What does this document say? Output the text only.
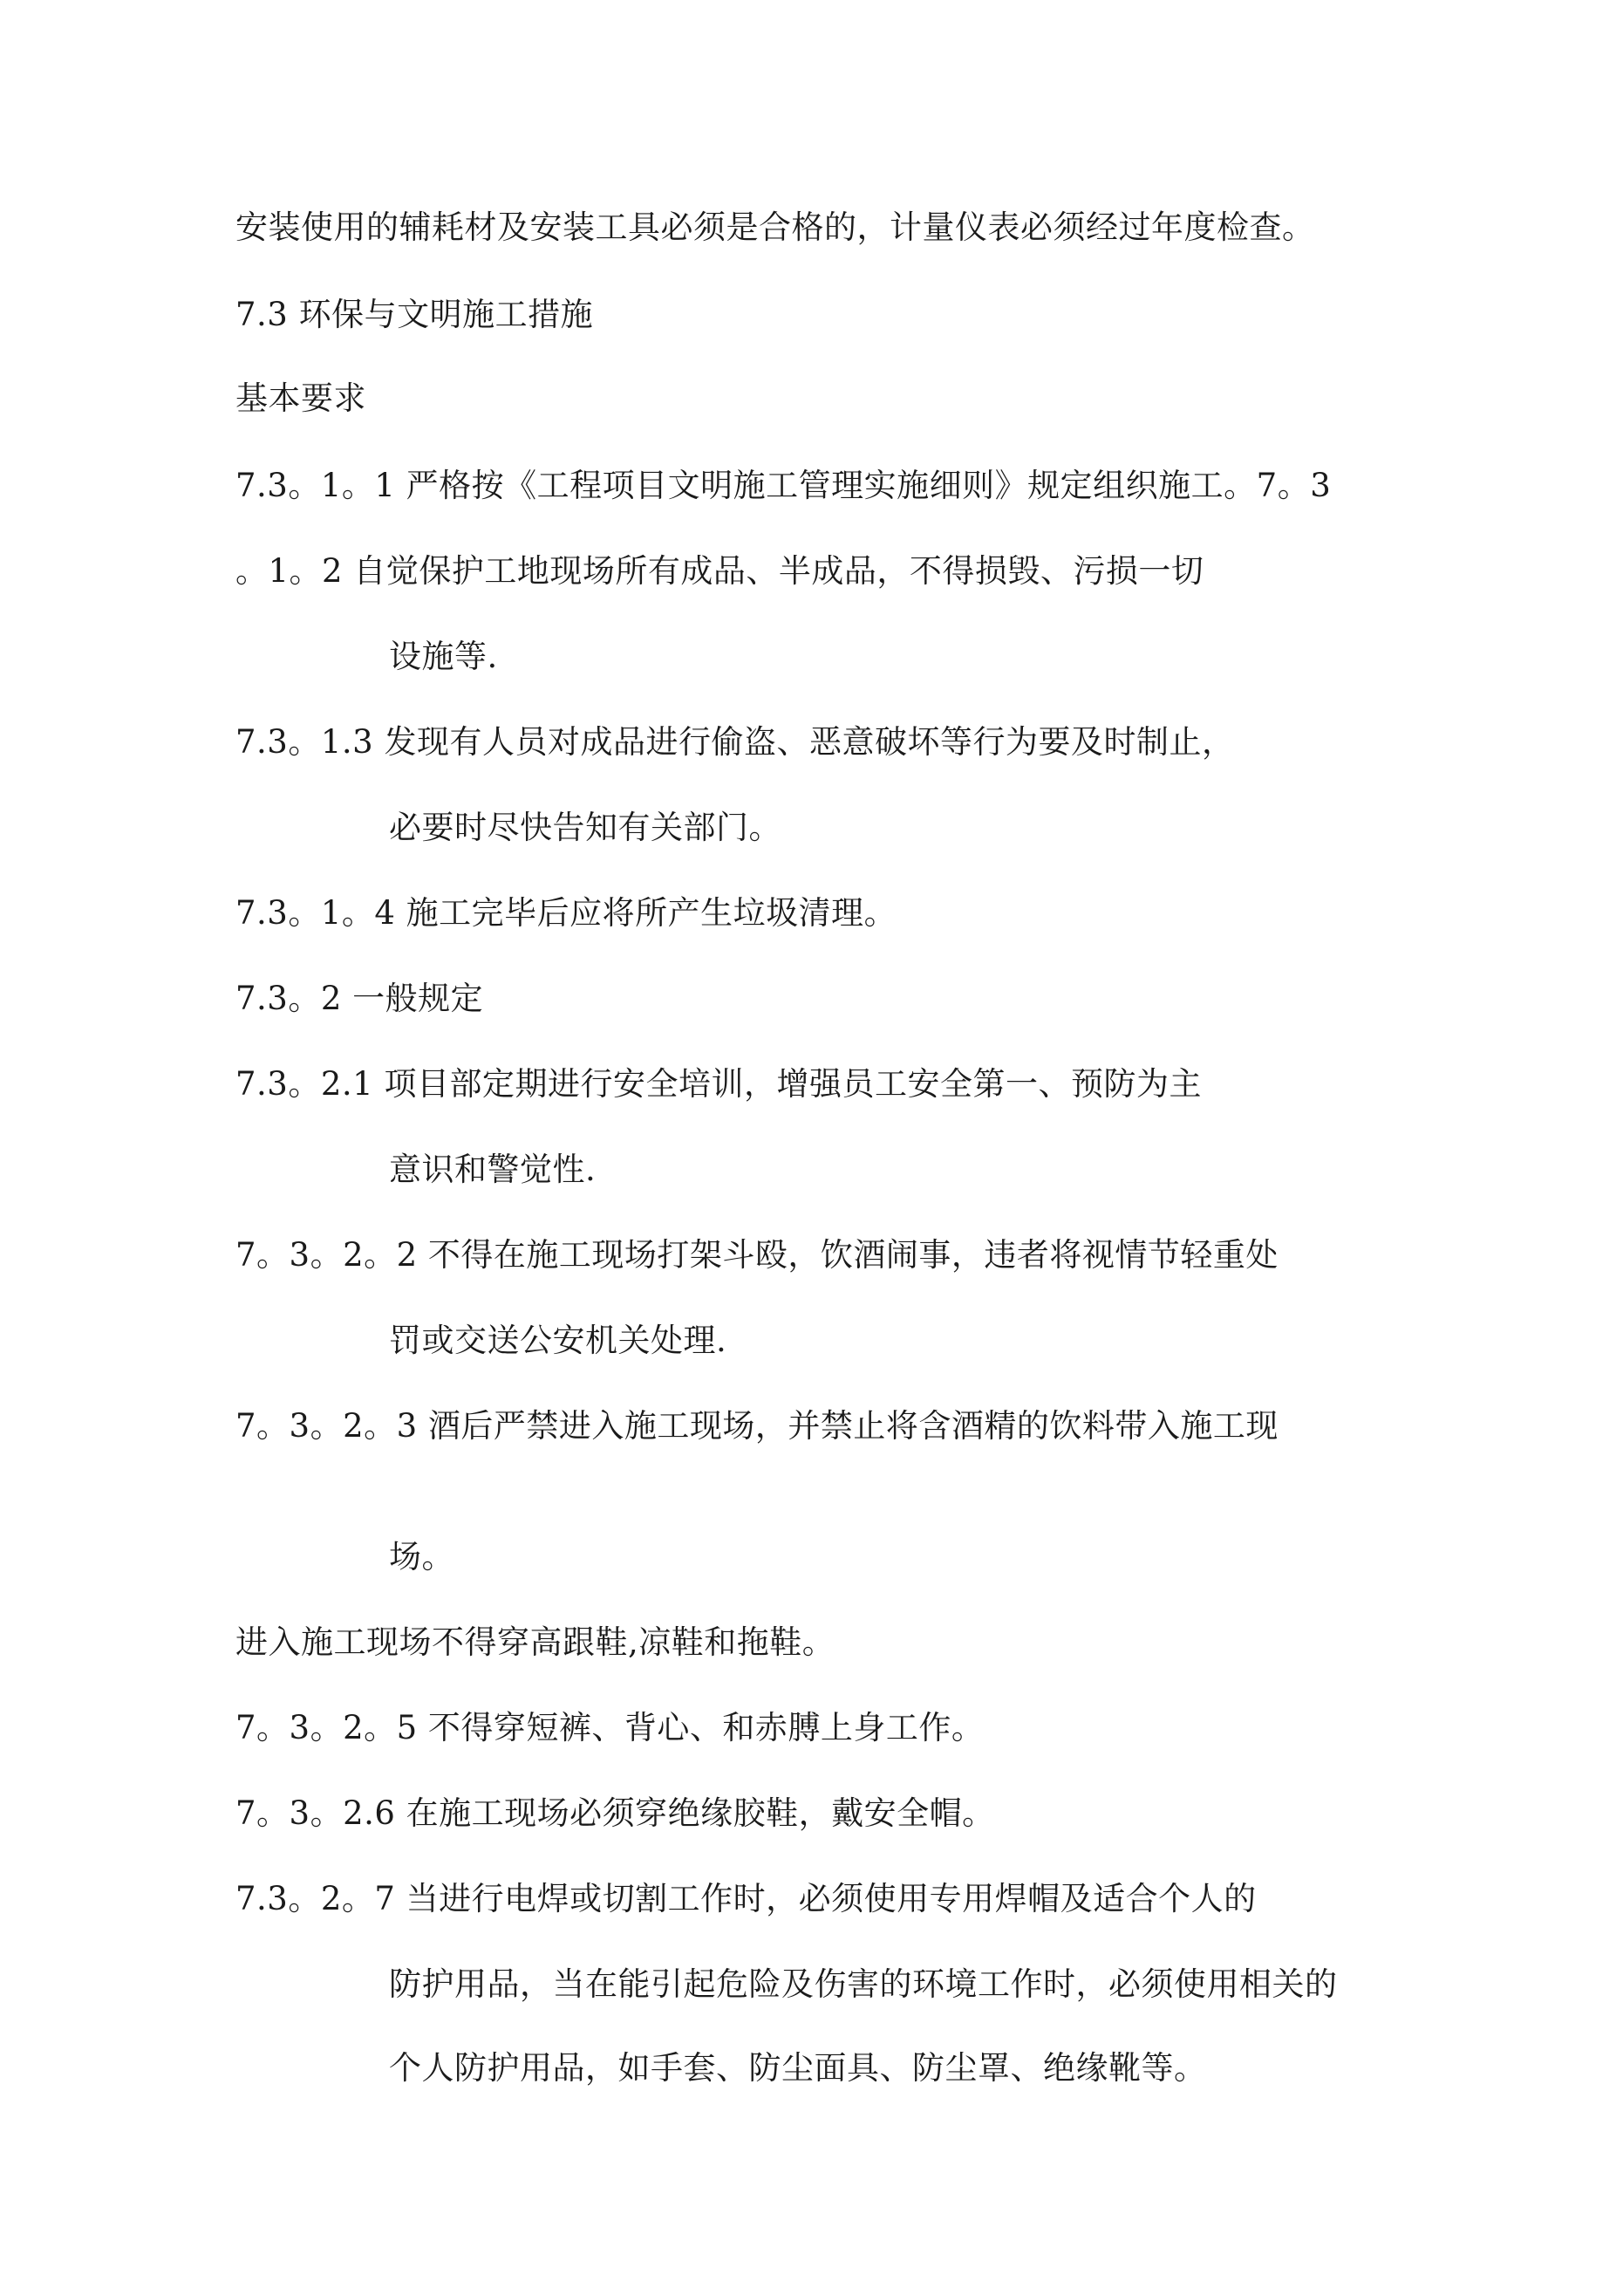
安装使用的辅耗材及安装工具必须是合格的，计量仪表必须经过年度检查。
7.3 环保与文明施工措施
基本要求
7.3。1。1 严格按《工程项目文明施工管理实施细则》规定组织施工。7。3
。1。2 自觉保护工地现场所有成品、半成品，不得损毁、污损一切
设施等.
7.3。1.3 发现有人员对成品进行偷盗、恶意破坏等行为要及时制止，
必要时尽快告知有关部门。
7.3。1。4 施工完毕后应将所产生垃圾清理。
7.3。2 一般规定
7.3。2.1 项目部定期进行安全培训，增强员工安全第一、预防为主
意识和警觉性.
7。3。2。2 不得在施工现场打架斗殴，饮酒闹事，违者将视情节轻重处
罚或交送公安机关处理.
7。3。2。3 酒后严禁进入施工现场，并禁止将含酒精的饮料带入施工现
场。
进入施工现场不得穿高跟鞋,凉鞋和拖鞋。
7。3。2。5 不得穿短裤、背心、和赤膊上身工作。
7。3。2.6 在施工现场必须穿绝缘胶鞋，戴安全帽。
7.3。2。7 当进行电焊或切割工作时，必须使用专用焊帽及适合个人的
防护用品，当在能引起危险及伤害的环境工作时，必须使用相关的
个人防护用品，如手套、防尘面具、防尘罩、绝缘靴等。
